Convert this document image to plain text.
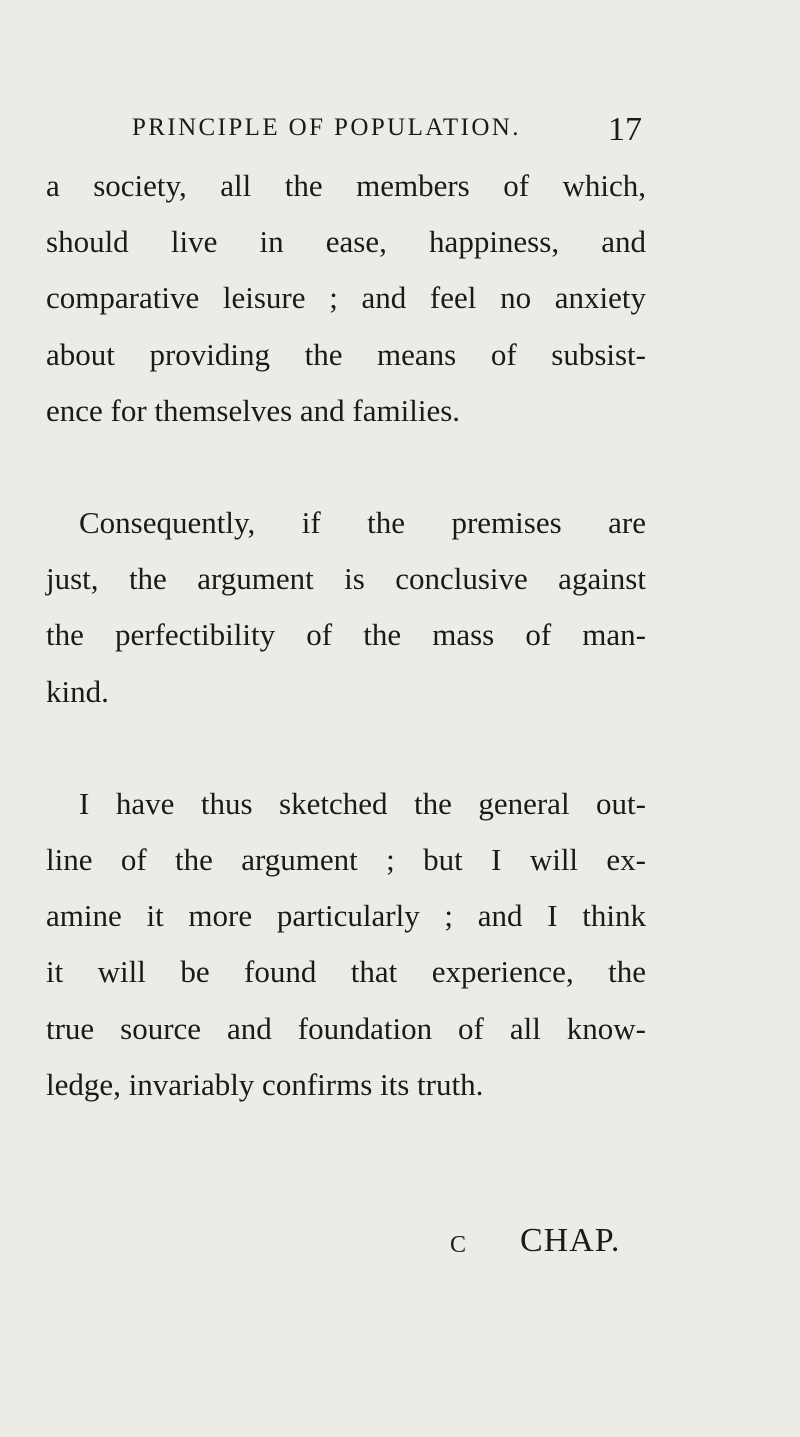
PRINCIPLE OF POPULATION.	17

a society, all the members of which,
should live in ease, happiness, and
comparative leisure ; and feel no anxiety
about providing the means of subsist-
ence for themselves and families.

Consequently, if the premises are
just, the argument is conclusive against
the perfectibility of the mass of man-
kind.

I have thus sketched the general out-
line of the argument ; but I will ex-
amine it more particularly ; and I think
it will be found that experience, the
true source and foundation of all know-
ledge, invariably confirms its truth.

C CHAP.
